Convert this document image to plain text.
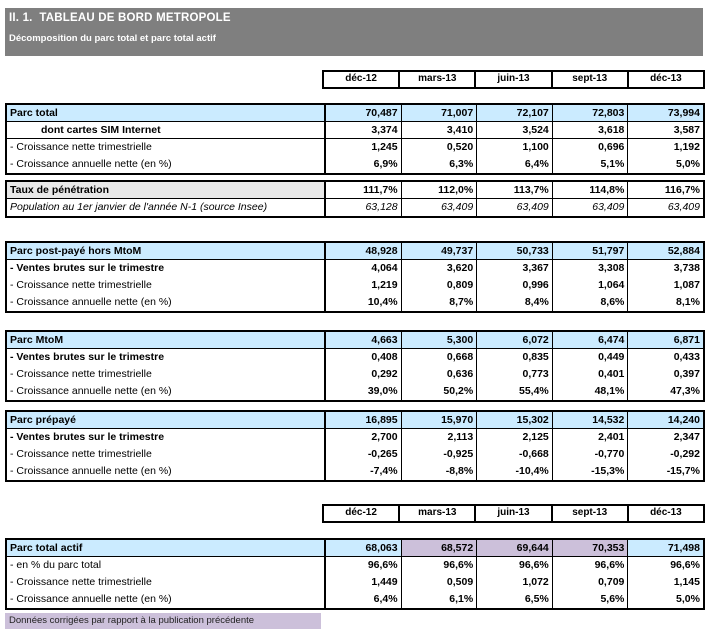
II. 1.  TABLEAU DE BORD METROPOLE
Décomposition du parc total et parc total actif
déc-12	mars-13	juin-13	sept-13	déc-13
Parc total	70,487	71,007	72,107	72,803	73,994
dont cartes SIM Internet	3,374	3,410	3,524	3,618	3,587
- Croissance nette trimestrielle	1,245	0,520	1,100	0,696	1,192
- Croissance annuelle nette (en %)	6,9%	6,3%	6,4%	5,1%	5,0%
Taux de pénétration	111,7%	112,0%	113,7%	114,8%	116,7%
Population au 1er janvier de l'année N-1 (source Insee)	63,128	63,409	63,409	63,409	63,409
Parc post-payé hors MtoM	48,928	49,737	50,733	51,797	52,884
- Ventes brutes sur le trimestre	4,064	3,620	3,367	3,308	3,738
- Croissance nette trimestrielle	1,219	0,809	0,996	1,064	1,087
- Croissance annuelle nette (en %)	10,4%	8,7%	8,4%	8,6%	8,1%
Parc MtoM	4,663	5,300	6,072	6,474	6,871
- Ventes brutes sur le trimestre	0,408	0,668	0,835	0,449	0,433
- Croissance nette trimestrielle	0,292	0,636	0,773	0,401	0,397
- Croissance annuelle nette (en %)	39,0%	50,2%	55,4%	48,1%	47,3%
Parc prépayé	16,895	15,970	15,302	14,532	14,240
- Ventes brutes sur le trimestre	2,700	2,113	2,125	2,401	2,347
- Croissance nette trimestrielle	-0,265	-0,925	-0,668	-0,770	-0,292
- Croissance annuelle nette (en %)	-7,4%	-8,8%	-10,4%	-15,3%	-15,7%
déc-12	mars-13	juin-13	sept-13	déc-13
Parc total actif	68,063	68,572	69,644	70,353	71,498
- en % du parc total	96,6%	96,6%	96,6%	96,6%	96,6%
- Croissance nette trimestrielle	1,449	0,509	1,072	0,709	1,145
- Croissance annuelle nette (en %)	6,4%	6,1%	6,5%	5,6%	5,0%
Données corrigées par rapport à la publication précédente
